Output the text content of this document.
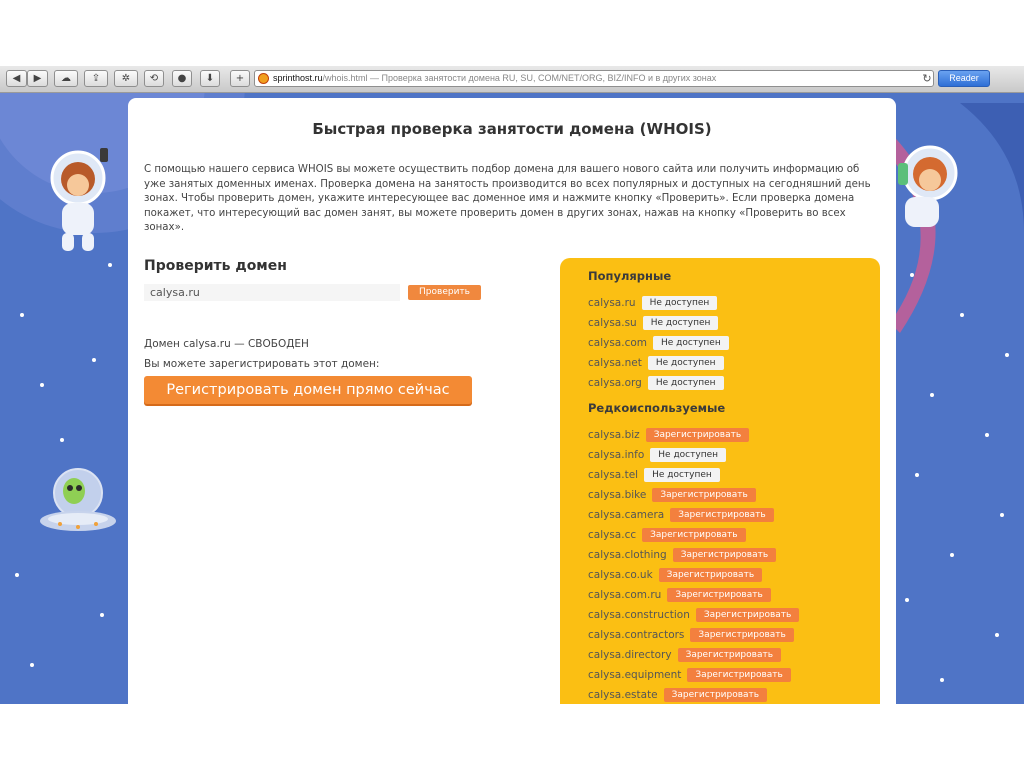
◀	▶	☁	⇪	✲	⟲	●	⬇	+	sprinthost.ru/whois.html — Проверка занятости домена RU, SU, COM/NET/ORG, BIZ/INFO и в других зонах	↻	Reader
Быстрая проверка занятости домена (WHOIS)
С помощью нашего сервиса WHOIS вы можете осуществить подбор домена для вашего нового сайта или получить информацию об уже занятых доменных именах. Проверка домена на занятость производится во всех популярных и доступных на сегодняшний день зонах. Чтобы проверить домен, укажите интересующее вас доменное имя и нажмите кнопку «Проверить». Если проверка домена покажет, что интересующий вас домен занят, вы можете проверить домен в других зонах, нажав на кнопку «Проверить во всех зонах».
Проверить домен
calysa.ru
Проверить
Домен calysa.ru — СВОБОДЕН
Вы можете зарегистрировать этот домен:
Регистрировать домен прямо сейчас
Популярные
calysa.ru Не доступен
calysa.su Не доступен
calysa.com Не доступен
calysa.net Не доступен
calysa.org Не доступен
Редкоиспользуемые
calysa.biz Зарегистрировать
calysa.info Не доступен
calysa.tel Не доступен
calysa.bike Зарегистрировать
calysa.camera Зарегистрировать
calysa.cc Зарегистрировать
calysa.clothing Зарегистрировать
calysa.co.uk Зарегистрировать
calysa.com.ru Зарегистрировать
calysa.construction Зарегистрировать
calysa.contractors Зарегистрировать
calysa.directory Зарегистрировать
calysa.equipment Зарегистрировать
calysa.estate Зарегистрировать
